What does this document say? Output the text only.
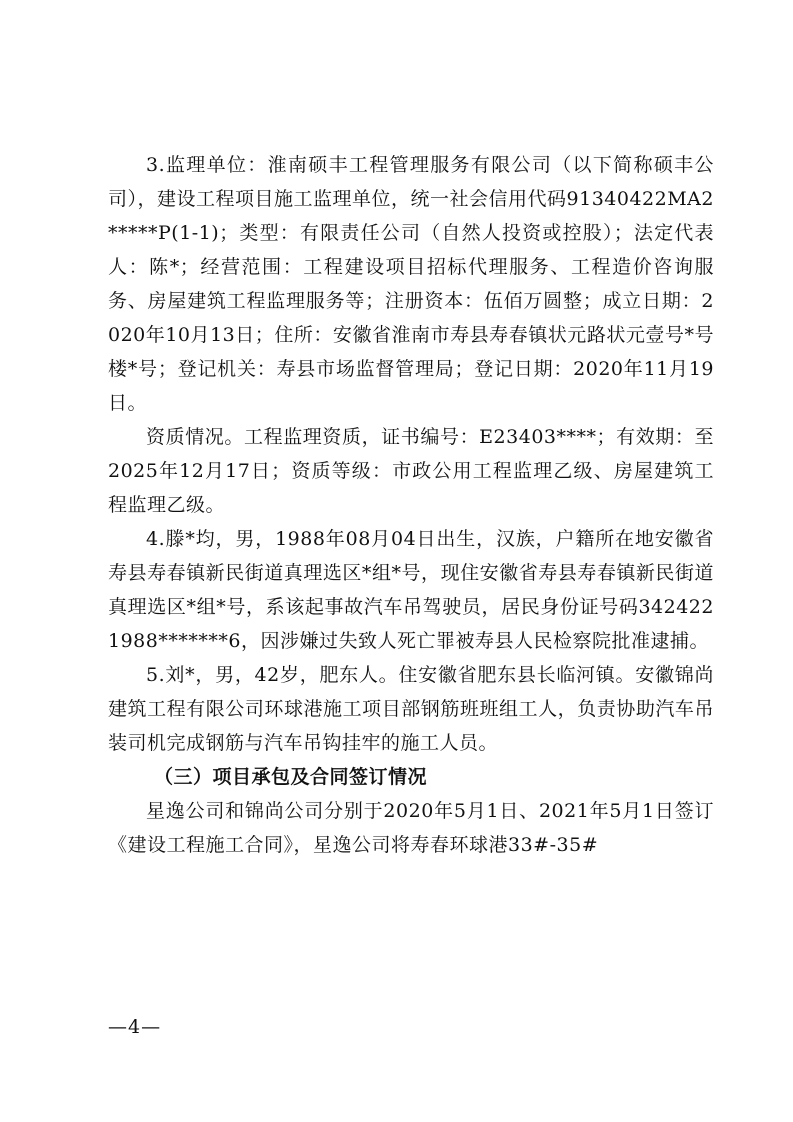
3.监理单位：淮南硕丰工程管理服务有限公司（以下简称硕丰公司），建设工程项目施工监理单位，统一社会信用代码91340422MA2*****P(1-1)；类型：有限责任公司（自然人投资或控股）；法定代表人：陈*；经营范围：工程建设项目招标代理服务、工程造价咨询服务、房屋建筑工程监理服务等；注册资本：伍佰万圆整；成立日期：2020年10月13日；住所：安徽省淮南市寿县寿春镇状元路状元壹号*号楼*号；登记机关：寿县市场监督管理局；登记日期：2020年11月19日。

资质情况。工程监理资质，证书编号：E23403****；有效期：至2025年12月17日；资质等级：市政公用工程监理乙级、房屋建筑工程监理乙级。

4.滕*均，男，1988年08月04日出生，汉族，户籍所在地安徽省寿县寿春镇新民街道真理选区*组*号，现住安徽省寿县寿春镇新民街道真理选区*组*号，系该起事故汽车吊驾驶员，居民身份证号码3424221988*******6，因涉嫌过失致人死亡罪被寿县人民检察院批准逮捕。

5.刘*，男，42岁，肥东人。住安徽省肥东县长临河镇。安徽锦尚建筑工程有限公司环球港施工项目部钢筋班班组工人，负责协助汽车吊装司机完成钢筋与汽车吊钩挂牢的施工人员。

（三）项目承包及合同签订情况

星逸公司和锦尚公司分别于2020年5月1日、2021年5月1日签订《建设工程施工合同》，星逸公司将寿春环球港33#-35#

—4—
